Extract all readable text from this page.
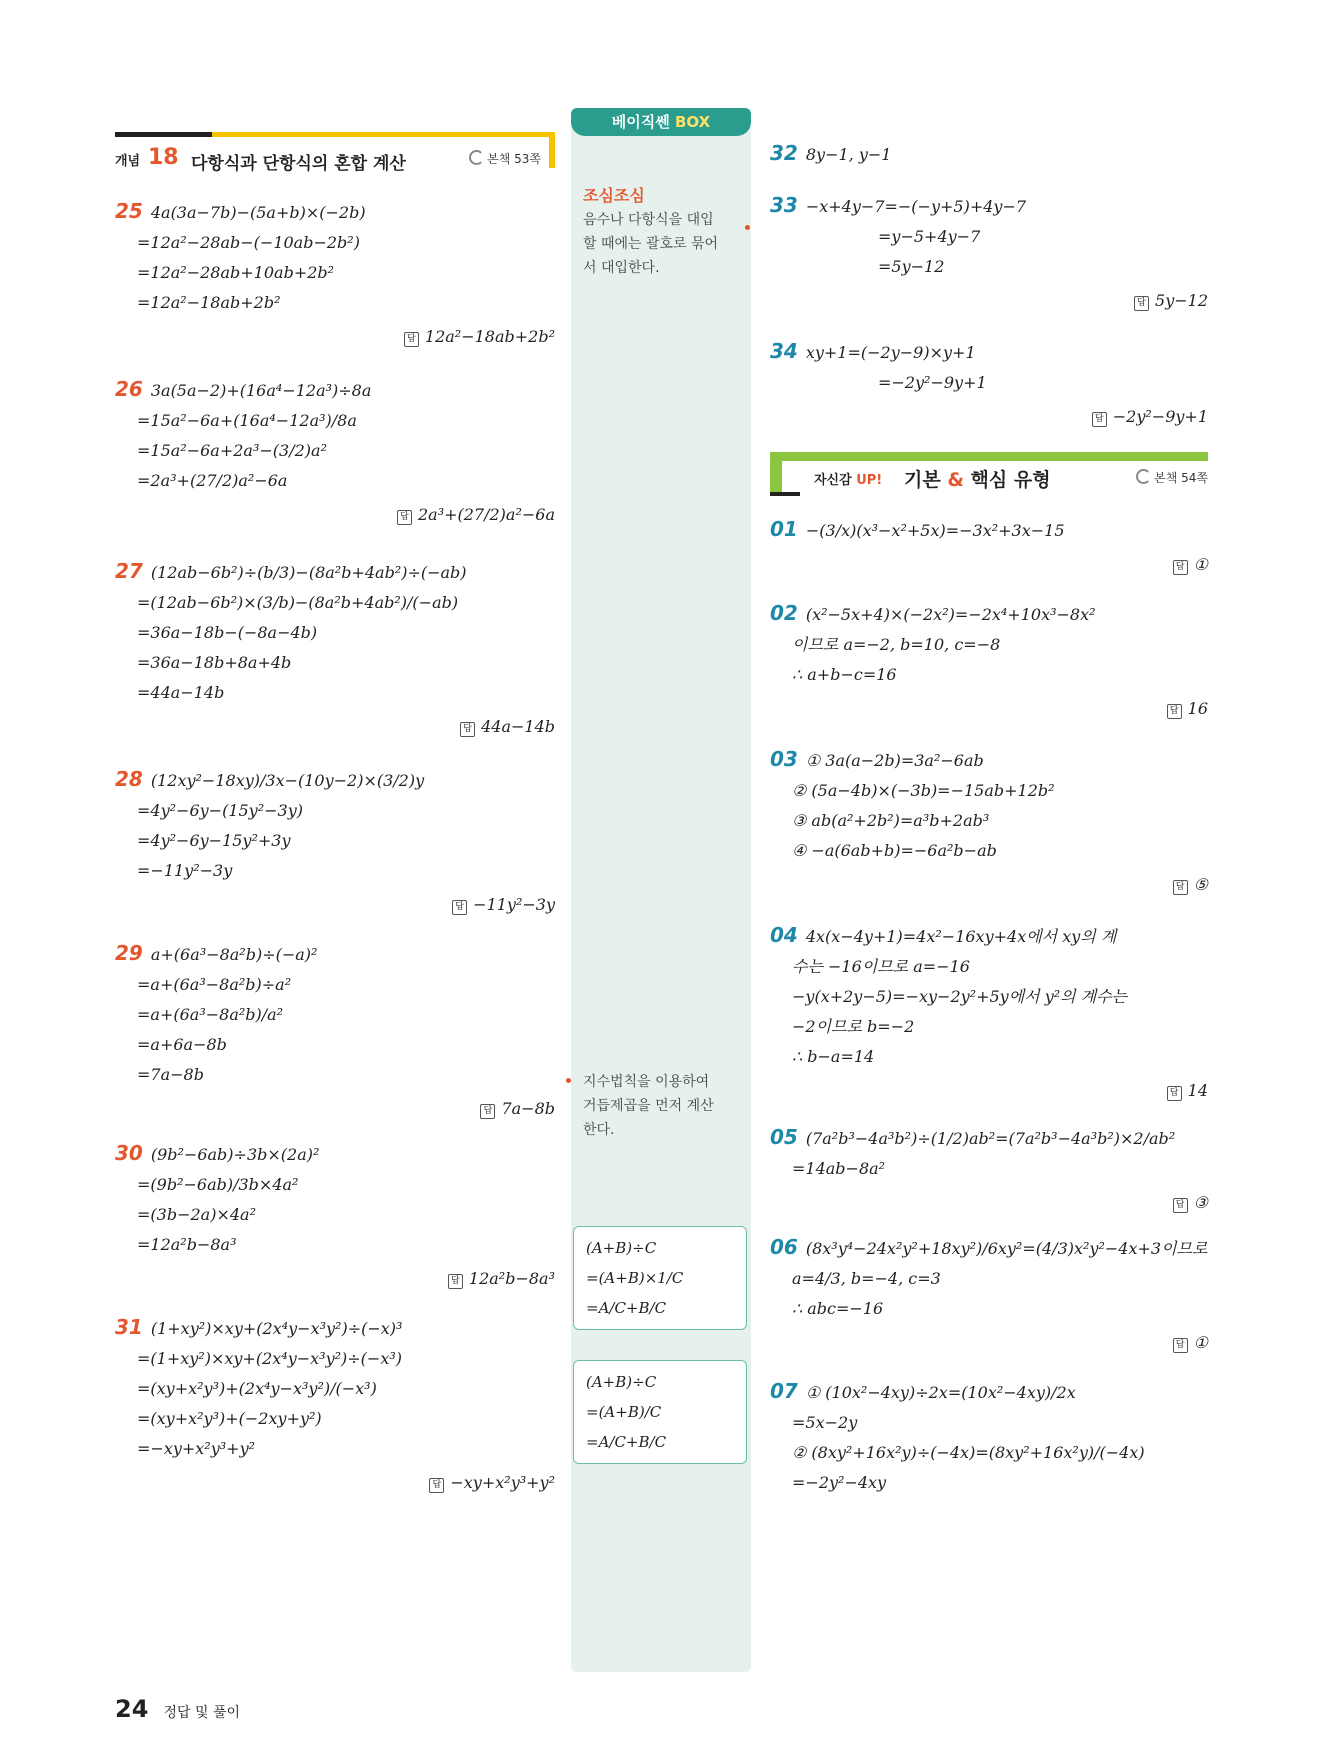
개념 18 다항식과 단항식의 혼합 계산	본책 53쪽
25 4a(3a−7b)−(5a+b)×(−2b)
=12a²−28ab−(−10ab−2b²)
=12a²−28ab+10ab+2b²
=12a²−18ab+2b²
답 12a²−18ab+2b²
26 3a(5a−2)+(16a⁴−12a³)÷8a
=15a²−6a+(16a⁴−12a³)/8a
=15a²−6a+2a³−(3/2)a²
=2a³+(27/2)a²−6a
답 2a³+(27/2)a²−6a
27 (12ab−6b²)÷(b/3)−(8a²b+4ab²)÷(−ab)
=(12ab−6b²)×(3/b)−(8a²b+4ab²)/(−ab)
=36a−18b−(−8a−4b)
=36a−18b+8a+4b
=44a−14b
답 44a−14b
28 (12xy²−18xy)/3x−(10y−2)×(3/2)y
=4y²−6y−(15y²−3y)
=4y²−6y−15y²+3y
=−11y²−3y
답 −11y²−3y
29 a+(6a³−8a²b)÷(−a)²
=a+(6a³−8a²b)÷a²
=a+(6a³−8a²b)/a²
=a+6a−8b
=7a−8b
답 7a−8b
30 (9b²−6ab)÷3b×(2a)²
=(9b²−6ab)/3b×4a²
=(3b−2a)×4a²
=12a²b−8a³
답 12a²b−8a³
31 (1+xy²)×xy+(2x⁴y−x³y²)÷(−x)³
=(1+xy²)×xy+(2x⁴y−x³y²)÷(−x³)
=(xy+x²y³)+(2x⁴y−x³y²)/(−x³)
=(xy+x²y³)+(−2xy+y²)
=−xy+x²y³+y²
답 −xy+x²y³+y²
베이직쎈 BOX
조심조심
음수나 다항식을 대입
할 때에는 괄호로 묶어
서 대입한다.
지수법칙을 이용하여
거듭제곱을 먼저 계산
한다.
(A+B)÷C
=(A+B)×1/C
=A/C+B/C
(A+B)÷C
=(A+B)/C
=A/C+B/C
32 8y−1, y−1
33 −x+4y−7=−(−y+5)+4y−7
=y−5+4y−7
=5y−12
답 5y−12
34 xy+1=(−2y−9)×y+1
=−2y²−9y+1
답 −2y²−9y+1
자신감 UP! 기본 & 핵심 유형	본책 54쪽
01 −(3/x)(x³−x²+5x)=−3x²+3x−15
답 ①
02 (x²−5x+4)×(−2x²)=−2x⁴+10x³−8x²
이므로 a=−2, b=10, c=−8
∴ a+b−c=16
답 16
03 ① 3a(a−2b)=3a²−6ab
② (5a−4b)×(−3b)=−15ab+12b²
③ ab(a²+2b²)=a³b+2ab³
④ −a(6ab+b)=−6a²b−ab
답 ⑤
04 4x(x−4y+1)=4x²−16xy+4x에서 xy의 계
수는 −16이므로 a=−16
−y(x+2y−5)=−xy−2y²+5y에서 y²의 계수는
−2이므로 b=−2
∴ b−a=14
답 14
05 (7a²b³−4a³b²)÷(1/2)ab²=(7a²b³−4a³b²)×2/ab²
=14ab−8a²
답 ③
06 (8x³y⁴−24x²y²+18xy²)/6xy²=(4/3)x²y²−4x+3이므로
a=4/3, b=−4, c=3
∴ abc=−16
답 ①
07 ① (10x²−4xy)÷2x=(10x²−4xy)/2x
=5x−2y
② (8xy²+16x²y)÷(−4x)=(8xy²+16x²y)/(−4x)
=−2y²−4xy
24 정답 및 풀이
